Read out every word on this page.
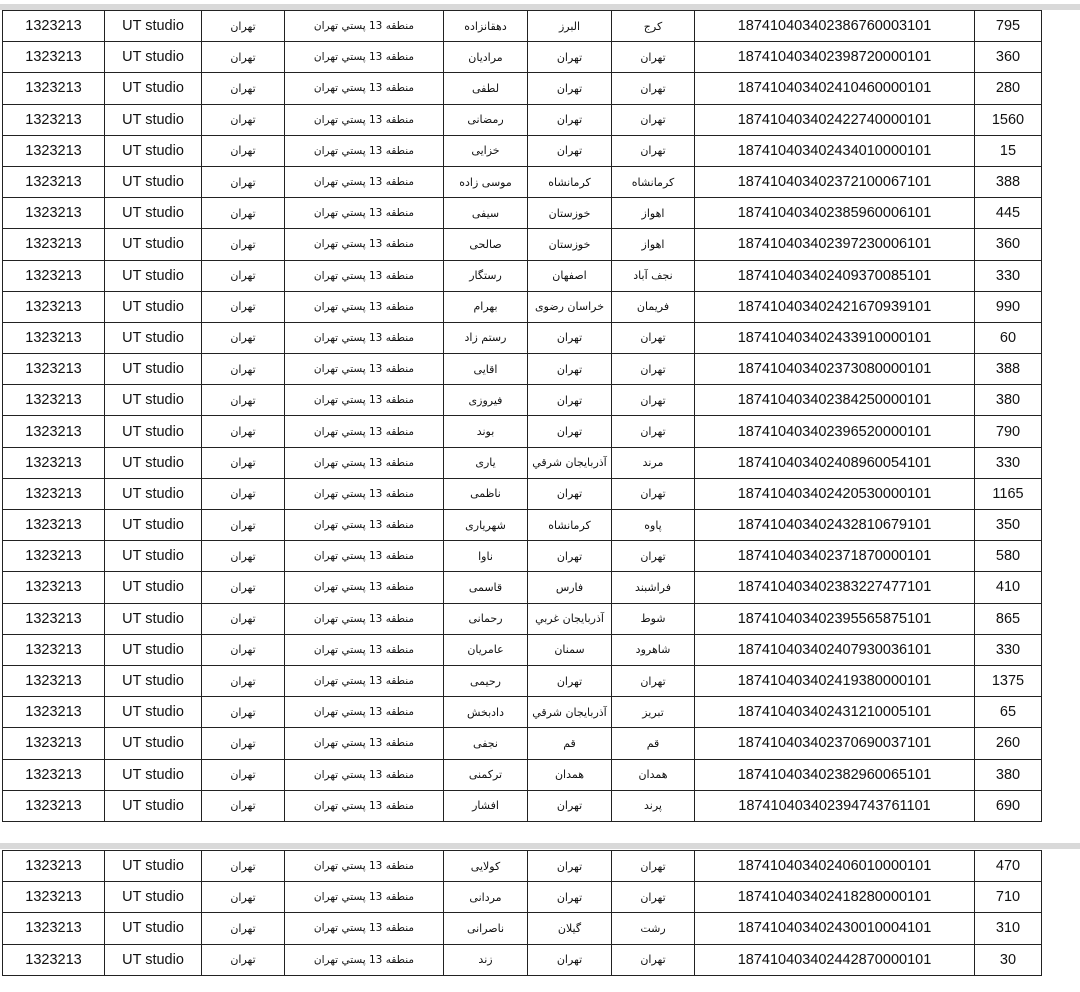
1323213	UT studio	تهران	منطقه 13 پستي تهران	دهقانزاده	البرز	کرج	187410403402386760003101	795
1323213	UT studio	تهران	منطقه 13 پستي تهران	مرادیان	تهران	تهران	187410403402398720000101	360
1323213	UT studio	تهران	منطقه 13 پستي تهران	لطفی	تهران	تهران	187410403402410460000101	280
1323213	UT studio	تهران	منطقه 13 پستي تهران	رمضانی	تهران	تهران	187410403402422740000101	1560
1323213	UT studio	تهران	منطقه 13 پستي تهران	خزایی	تهران	تهران	187410403402434010000101	15
1323213	UT studio	تهران	منطقه 13 پستي تهران	موسی زاده	کرمانشاه	کرمانشاه	187410403402372100067101	388
1323213	UT studio	تهران	منطقه 13 پستي تهران	سیفی	خوزستان	اهواز	187410403402385960006101	445
1323213	UT studio	تهران	منطقه 13 پستي تهران	صالحی	خوزستان	اهواز	187410403402397230006101	360
1323213	UT studio	تهران	منطقه 13 پستي تهران	رستگار	اصفهان	نجف آباد	187410403402409370085101	330
1323213	UT studio	تهران	منطقه 13 پستي تهران	بهرام	خراسان رضوی	فریمان	187410403402421670939101	990
1323213	UT studio	تهران	منطقه 13 پستي تهران	رستم زاد	تهران	تهران	187410403402433910000101	60
1323213	UT studio	تهران	منطقه 13 پستي تهران	اقایی	تهران	تهران	187410403402373080000101	388
1323213	UT studio	تهران	منطقه 13 پستي تهران	فیروزی	تهران	تهران	187410403402384250000101	380
1323213	UT studio	تهران	منطقه 13 پستي تهران	بوند	تهران	تهران	187410403402396520000101	790
1323213	UT studio	تهران	منطقه 13 پستي تهران	یاری	آذربایجان شرقي	مرند	187410403402408960054101	330
1323213	UT studio	تهران	منطقه 13 پستي تهران	ناظمی	تهران	تهران	187410403402420530000101	1165
1323213	UT studio	تهران	منطقه 13 پستي تهران	شهریاری	کرمانشاه	پاوه	187410403402432810679101	350
1323213	UT studio	تهران	منطقه 13 پستي تهران	ناوا	تهران	تهران	187410403402371870000101	580
1323213	UT studio	تهران	منطقه 13 پستي تهران	قاسمی	فارس	فراشبند	187410403402383227477101	410
1323213	UT studio	تهران	منطقه 13 پستي تهران	رحمانی	آذربایجان غربي	شوط	187410403402395565875101	865
1323213	UT studio	تهران	منطقه 13 پستي تهران	عامریان	سمنان	شاهرود	187410403402407930036101	330
1323213	UT studio	تهران	منطقه 13 پستي تهران	رحیمی	تهران	تهران	187410403402419380000101	1375
1323213	UT studio	تهران	منطقه 13 پستي تهران	دادبخش	آذربایجان شرقي	تبریز	187410403402431210005101	65
1323213	UT studio	تهران	منطقه 13 پستي تهران	نجفی	قم	قم	187410403402370690037101	260
1323213	UT studio	تهران	منطقه 13 پستي تهران	ترکمنی	همدان	همدان	187410403402382960065101	380
1323213	UT studio	تهران	منطقه 13 پستي تهران	افشار	تهران	پرند	187410403402394743761101	690
1323213	UT studio	تهران	منطقه 13 پستي تهران	کولایی	تهران	تهران	187410403402406010000101	470
1323213	UT studio	تهران	منطقه 13 پستي تهران	مردانی	تهران	تهران	187410403402418280000101	710
1323213	UT studio	تهران	منطقه 13 پستي تهران	ناصرانی	گیلان	رشت	187410403402430010004101	310
1323213	UT studio	تهران	منطقه 13 پستي تهران	زند	تهران	تهران	187410403402442870000101	30
